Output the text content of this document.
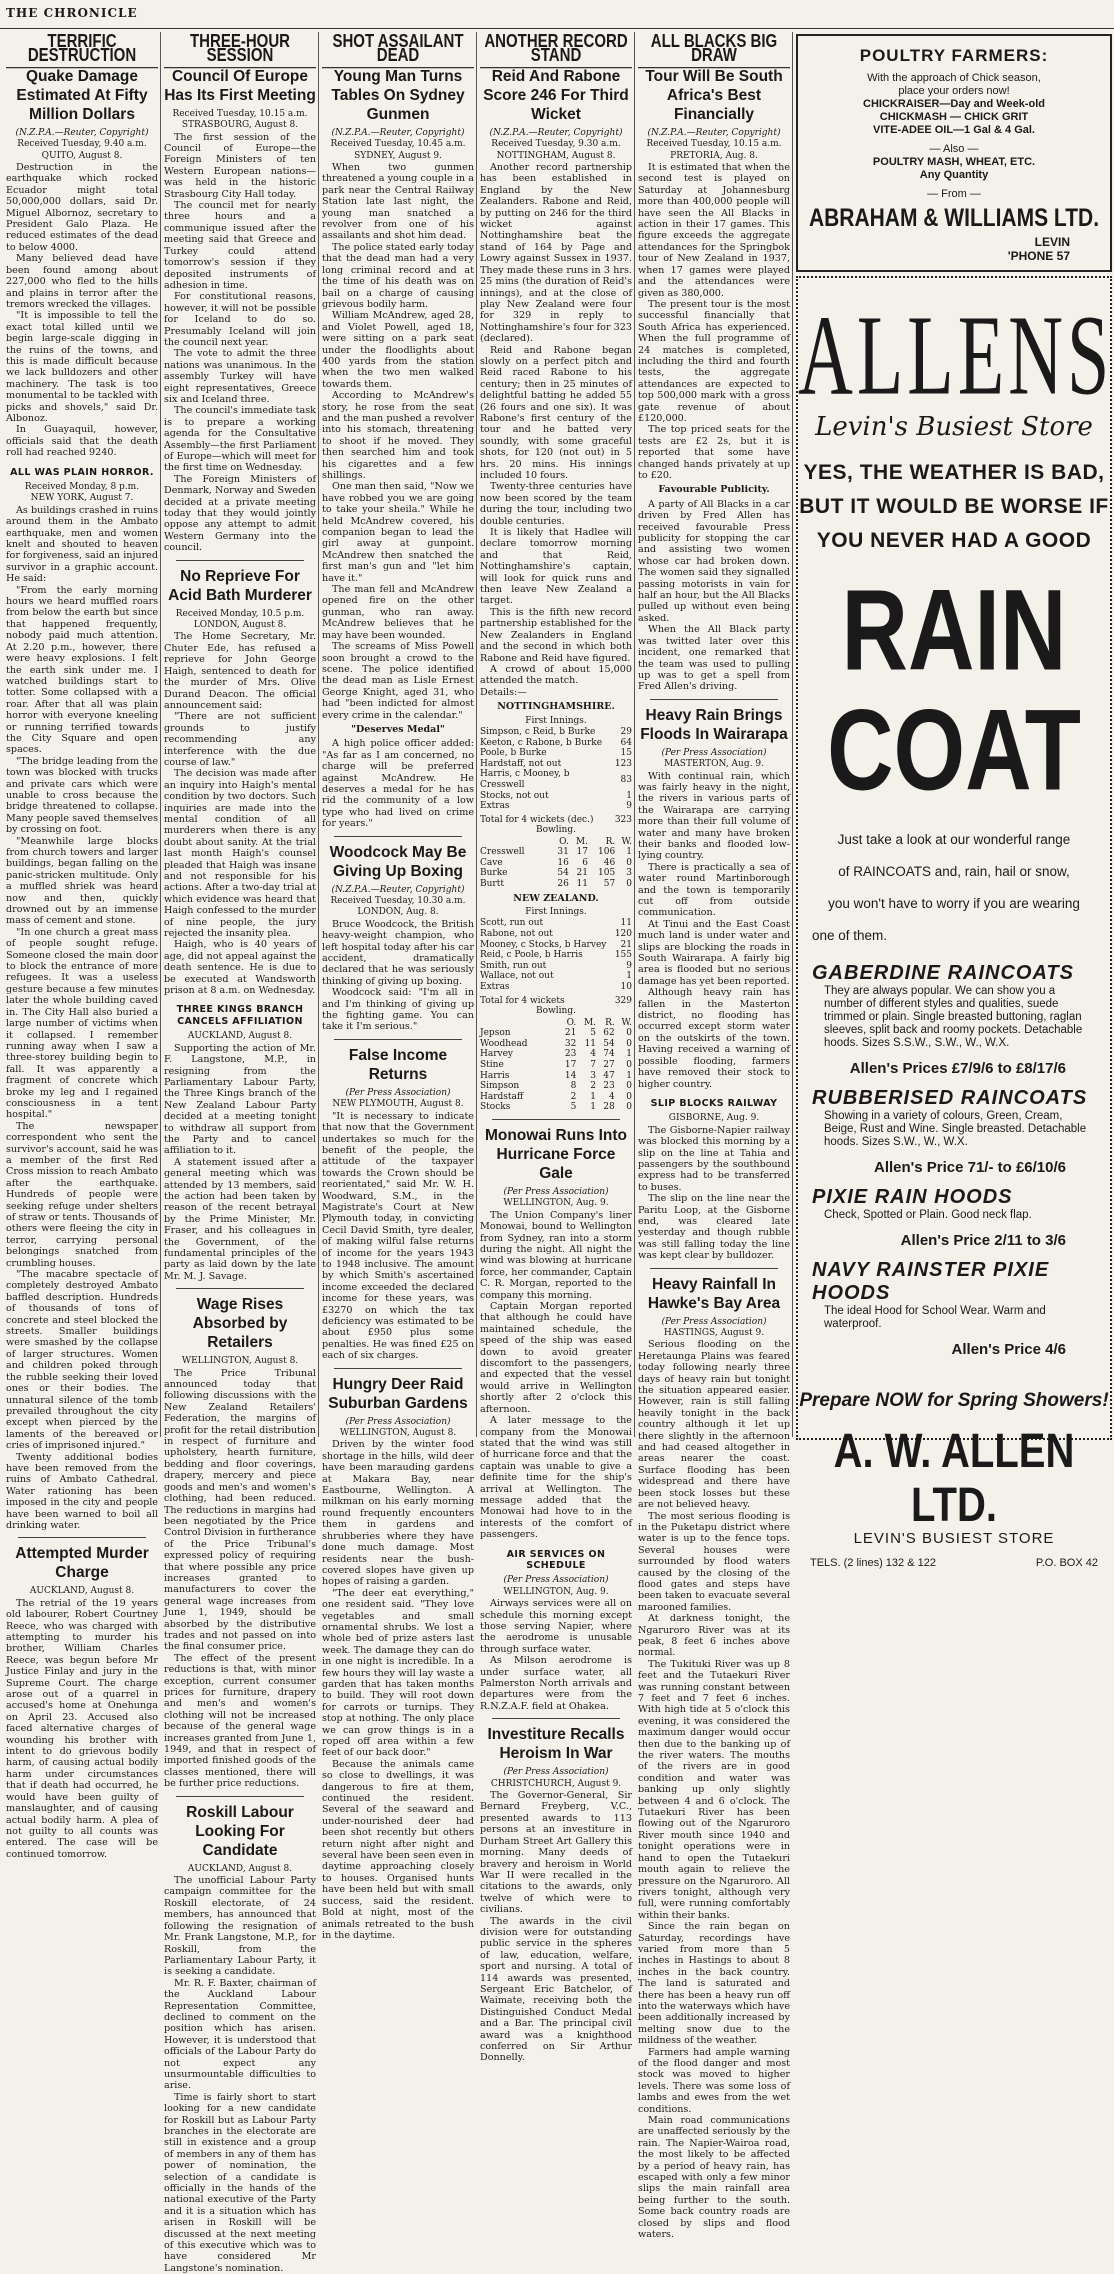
THE CHRONICLE
TERRIFIC DESTRUCTION
Quake Damage Estimated At Fifty Million Dollars
(N.Z.P.A.—Reuter, Copyright)
Received Tuesday, 9.40 a.m.
QUITO, August 8.

Destruction in the earthquake which rocked Ecuador might total 50,000,000 dollars, said Dr. Miguel Albornoz, secretary to President Galo Plaza. He reduced estimates of the dead to below 4000.

Many believed dead have been found among about 227,000 who fled to the hills and plains in terror after the tremors wrecked the villages.

"It is impossible to tell the exact total killed until we begin large-scale digging in the ruins of the towns, and this is made difficult because we lack bulldozers and other machinery. The task is too monumental to be tackled with picks and shovels," said Dr. Albonoz.

In Guayaquil, however, officials said that the death roll had reached 9240.

ALL WAS PLAIN HORROR.
Received Monday, 8 p.m.
NEW YORK, August 7.

As buildings crashed in ruins around them in the Ambato earthquake, men and women knelt and shouted to heaven for forgiveness, said an injured survivor in a graphic account. He said:

"From the early morning hours we heard muffled roars from below the earth but since that happened frequently, nobody paid much attention. At 2.20 p.m., however, there were heavy explosions. I felt the earth sink under me. I watched buildings start to totter. Some collapsed with a roar. After that all was plain horror with everyone kneeling or running terrified towards the City Square and open spaces.

"The bridge leading from the town was blocked with trucks and private cars which were unable to cross because the bridge threatened to collapse. Many people saved themselves by crossing on foot.

"Meanwhile large blocks from church towers and larger buildings, began falling on the panic-stricken multitude. Only a muffled shriek was heard now and then, quickly drowned out by an immense mass of cement and stone.

"In one church a great mass of people sought refuge. Someone closed the main door to block the entrance of more refugees. It was a useless gesture because a few minutes later the whole building caved in. The City Hall also buried a large number of victims when it collapsed. I remember running away when I saw a three-storey building begin to fall. It was apparently a fragment of concrete which broke my leg and I regained consciousness in a tent hospital."

The newspaper correspondent who sent the survivor's account, said he was a member of the first Red Cross mission to reach Ambato after the earthquake. Hundreds of people were seeking refuge under shelters of straw or tents. Thousands of others were fleeing the city in terror, carrying personal belongings snatched from crumbling houses.

"The macabre spectacle of completely destroyed Ambato baffled description. Hundreds of thousands of tons of concrete and steel blocked the streets. Smaller buildings were smashed by the collapse of larger structures. Women and children poked through the rubble seeking their loved ones or their bodies. The unnatural silence of the tomb prevailed throughout the city except when pierced by the laments of the bereaved or cries of imprisoned injured."

Twenty additional bodies have been removed from the ruins of Ambato Cathedral. Water rationing has been imposed in the city and people have been warned to boil all drinking water.

Attempted Murder Charge
AUCKLAND, August 8.

The retrial of the 19 years old labourer, Robert Courtney Reece, who was charged with attempting to murder his brother, William Charles Reece, was begun before Mr Justice Finlay and jury in the Supreme Court. The charge arose out of a quarrel in accused's home at Onehunga on April 23. Accused also faced alternative charges of wounding his brother with intent to do grievous bodily harm, of causing actual bodily harm under circumstances that if death had occurred, he would have been guilty of manslaughter, and of causing actual bodily harm. A plea of not guilty to all counts was entered. The case will be continued tomorrow.

THREE-HOUR SESSION
Council Of Europe Has Its First Meeting
Received Tuesday, 10.15 a.m.
STRASBOURG, August 8.

The first session of the Council of Europe—the Foreign Ministers of ten Western European nations—was held in the historic Strasbourg City Hall today.

The council met for nearly three hours and a communique issued after the meeting said that Greece and Turkey could attend tomorrow's session if they deposited instruments of adhesion in time.

For constitutional reasons, however, it will not be possible for Iceland to do so. Presumably Iceland will join the council next year.

The vote to admit the three nations was unanimous. In the assembly Turkey will have eight representatives, Greece six and Iceland three.

The council's immediate task is to prepare a working agenda for the Consultative Assembly—the first Parliament of Europe—which will meet for the first time on Wednesday.

The Foreign Ministers of Denmark, Norway and Sweden decided at a private meeting today that they would jointly oppose any attempt to admit Western Germany into the council.

No Reprieve For Acid Bath Murderer
Received Monday, 10.5 p.m.
LONDON, August 8.

The Home Secretary, Mr. Chuter Ede, has refused a reprieve for John George Haigh, sentenced to death for the murder of Mrs. Olive Durand Deacon. The official announcement said:

"There are not sufficient grounds to justify recommending any interference with the due course of law."

The decision was made after an inquiry into Haigh's mental condition by two doctors. Such inquiries are made into the mental condition of all murderers when there is any doubt about sanity. At the trial last month Haigh's counsel pleaded that Haigh was insane and not responsible for his actions. After a two-day trial at which evidence was heard that Haigh confessed to the murder of nine people, the jury rejected the insanity plea.

Haigh, who is 40 years of age, did not appeal against the death sentence. He is due to be executed at Wandsworth prison at 8 a.m. on Wednesday.

THREE KINGS BRANCH CANCELS AFFILIATION
AUCKLAND, August 8.

Supporting the action of Mr. F. Langstone, M.P., in resigning from the Parliamentary Labour Party, the Three Kings branch of the New Zealand Labour Party decided at a meeting tonight to withdraw all support from the Party and to cancel affiliation to it.

A statement issued after a general meeting which was attended by 13 members, said the action had been taken by reason of the recent betrayal by the Prime Minister, Mr. Fraser, and his colleagues in the Government, of the fundamental principles of the party as laid down by the late Mr. M. J. Savage.

Wage Rises Absorbed by Retailers
WELLINGTON, August 8.

The Price Tribunal announced today that following discussions with the New Zealand Retailers' Federation, the margins of profit for the retail distribution in respect of furniture and upholstery, hearth furniture, bedding and floor coverings, drapery, mercery and piece goods and men's and women's clothing, had been reduced. The reductions in margins had been negotiated by the Price Control Division in furtherance of the Price Tribunal's expressed policy of requiring that where possible any price increases granted to manufacturers to cover the general wage increases from June 1, 1949, should be absorbed by the distributive trades and not passed on into the final consumer price.

The effect of the present reductions is that, with minor exception, current consumer prices for furniture, drapery and men's and women's clothing will not be increased because of the general wage increases granted from June 1, 1949, and that in respect of imported finished goods of the classes mentioned, there will be further price reductions.

Roskill Labour Looking For Candidate
AUCKLAND, August 8.

The unofficial Labour Party campaign committee for the Roskill electorate, of 24 members, has announced that following the resignation of Mr. Frank Langstone, M.P., for Roskill, from the Parliamentary Labour Party, it is seeking a candidate.

Mr. R. F. Baxter, chairman of the Auckland Labour Representation Committee, declined to comment on the position which has arisen. However, it is understood that officials of the Labour Party do not expect any unsurmountable difficulties to arise.

Time is fairly short to start looking for a new candidate for Roskill but as Labour Party branches in the electorate are still in existence and a group of members in any of them has power of nomination, the selection of a candidate is officially in the hands of the national executive of the Party and it is a situation which has arisen in Roskill will be discussed at the next meeting of this executive which was to have considered Mr Langstone's nomination.

SHOT ASSAILANT DEAD
Young Man Turns Tables On Sydney Gunmen
(N.Z.P.A.—Reuter, Copyright)
Received Tuesday, 10.45 a.m.
SYDNEY, August 9.

When two gunmen threatened a young couple in a park near the Central Railway Station late last night, the young man snatched a revolver from one of his assailants and shot him dead.

The police stated early today that the dead man had a very long criminal record and at the time of his death was on bail on a charge of causing grievous bodily harm.

William McAndrew, aged 28, and Violet Powell, aged 18, were sitting on a park seat under the floodlights about 400 yards from the station when the two men walked towards them.

According to McAndrew's story, he rose from the seat and the man pushed a revolver into his stomach, threatening to shoot if he moved. They then searched him and took his cigarettes and a few shillings.

One man then said, "Now we have robbed you we are going to take your sheila." While he held McAndrew covered, his companion began to lead the girl away at gunpoint. McAndrew then snatched the first man's gun and "let him have it."

The man fell and McAndrew opened fire on the other gunman, who ran away. McAndrew believes that he may have been wounded.

The screams of Miss Powell soon brought a crowd to the scene. The police identified the dead man as Lisle Ernest George Knight, aged 31, who had "been indicted for almost every crime in the calendar."

"Deserves Medal"

A high police officer added: "As far as I am concerned, no charge will be preferred against McAndrew. He deserves a medal for he has rid the community of a low type who had lived on crime for years."

Woodcock May Be Giving Up Boxing
(N.Z.P.A.—Reuter, Copyright)
Received Tuesday, 10.30 a.m.
LONDON, Aug. 8.

Bruce Woodcock, the British heavy-weight champion, who left hospital today after his car accident, dramatically declared that he was seriously thinking of giving up boxing.

Woodcock said: "I'm all in and I'm thinking of giving up the fighting game. You can take it I'm serious."

False Income Returns
(Per Press Association)
NEW PLYMOUTH, August 8.

"It is necessary to indicate that now that the Government undertakes so much for the benefit of the people, the attitude of the taxpayer towards the Crown should be reorientated," said Mr. W. H. Woodward, S.M., in the Magistrate's Court at New Plymouth today, in convicting Cecil David Smith, tyre dealer, of making wilful false returns of income for the years 1943 to 1948 inclusive. The amount by which Smith's ascertained income exceeded the declared income for these years, was £3270 on which the tax deficiency was estimated to be about £950 plus some penalties. He was fined £25 on each of six charges.

Hungry Deer Raid Suburban Gardens
(Per Press Association)
WELLINGTON, August 8.

Driven by the winter food shortage in the hills, wild deer have been marauding gardens at Makara Bay, near Eastbourne, Wellington. A milkman on his early morning round frequently encounters them in gardens and shrubberies where they have done much damage. Most residents near the bush-covered slopes have given up hopes of raising a garden.

"The deer eat everything," one resident said. "They love vegetables and small ornamental shrubs. We lost a whole bed of prize asters last week. The damage they can do in one night is incredible. In a few hours they will lay waste a garden that has taken months to build. They will root down for carrots or turnips. They stop at nothing. The only place we can grow things is in a roped off area within a few feet of our back door."

Because the animals came so close to dwellings, it was dangerous to fire at them, continued the resident. Several of the seaward and under-nourished deer had been shot recently but others return night after night and several have been seen even in daytime approaching closely to houses. Organised hunts have been held but with small success, said the resident. Bold at night, most of the animals retreated to the bush in the daytime.

ANOTHER RECORD STAND
Reid And Rabone Score 246 For Third Wicket
(N.Z.P.A.—Reuter, Copyright)
Received Tuesday, 9.30 a.m.
NOTTINGHAM, August 8.

Another record partnership has been established in England by the New Zealanders. Rabone and Reid, by putting on 246 for the third wicket against Nottinghamshire beat the stand of 164 by Page and Lowry against Sussex in 1937. They made these runs in 3 hrs. 25 mins (the duration of Reid's innings), and at the close of play New Zealand were four for 329 in reply to Nottinghamshire's four for 323 (declared).

Reid and Rabone began slowly on a perfect pitch and Reid raced Rabone to his century; then in 25 minutes of delightful batting he added 55 (26 fours and one six). It was Rabone's first century of the tour and he batted very soundly, with some graceful shots, for 120 (not out) in 5 hrs. 20 mins. His innings included 10 fours.

Twenty-three centuries have now been scored by the team during the tour, including two double centuries.

It is likely that Hadlee will declare tomorrow morning and that Reid, Nottinghamshire's captain, will look for quick runs and then leave New Zealand a target.

This is the fifth new record partnership established for the New Zealanders in England and the second in which both Rabone and Reid have figured.

A crowd of about 15,000 attended the match.

Details:—
NOTTINGHAMSHIRE.
First Innings.
Simpson, c Reid, b Burke	29
Keeton, c Rabone, b Burke	64
Poole, b Burke	15
Hardstaff, not out	123
Harris, c Mooney, b Cresswell	83
Stocks, not out	1
Extras	9
Total for 4 wickets (dec.)	323
Bowling.
	O.	M.	R.	W.
Cresswell	31	17	106	1
Cave	16	6	46	0
Burke	54	21	105	3
Burtt	26	11	57	0
NEW ZEALAND.
First Innings.
Scott, run out	11
Rabone, not out	120
Mooney, c Stocks, b Harvey	21
Reid, c Poole, b Harris	155
Smith, run out	9
Wallace, not out	1
Extras	10
Total for 4 wickets	329
Bowling.
	O.	M.	R.	W.
Jepson	21	5	62	0
Woodhead	32	11	54	0
Harvey	23	4	74	1
Stine	17	7	27	0
Harris	14	3	47	1
Simpson	8	2	23	0
Hardstaff	2	1	4	0
Stocks	5	1	28	0
Monowai Runs Into Hurricane Force Gale
(Per Press Association)
WELLINGTON, Aug. 9.

The Union Company's liner Monowai, bound to Wellington from Sydney, ran into a storm during the night. All night the wind was blowing at hurricane force, her commander, Captain C. R. Morgan, reported to the company this morning.

Captain Morgan reported that although he could have maintained schedule, the speed of the ship was eased down to avoid greater discomfort to the passengers, and expected that the vessel would arrive in Wellington shortly after 2 o'clock this afternoon.

A later message to the company from the Monowai stated that the wind was still of hurricane force and that the captain was unable to give a definite time for the ship's arrival at Wellington. The message added that the Monowai had hove to in the interests of the comfort of passengers.

AIR SERVICES ON SCHEDULE
(Per Press Association)
WELLINGTON, Aug. 9.

Airways services were all on schedule this morning except those serving Napier, where the aerodrome is unusable through surface water.

As Milson aerodrome is under surface water, all Palmerston North arrivals and departures were from the R.N.Z.A.F. field at Ohakea.

Investiture Recalls Heroism In War
(Per Press Association)
CHRISTCHURCH, August 9.

The Governor-General, Sir Bernard Freyberg, V.C., presented awards to 113 persons at an investiture in Durham Street Art Gallery this morning. Many deeds of bravery and heroism in World War II were recalled in the citations to the awards, only twelve of which were to civilians.

The awards in the civil division were for outstanding public service in the spheres of law, education, welfare, sport and nursing. A total of 114 awards was presented, Sergeant Eric Batchelor, of Waimate, receiving both the Distinguished Conduct Medal and a Bar. The principal civil award was a knighthood conferred on Sir Arthur Donnelly.

ALL BLACKS BIG DRAW
Tour Will Be South Africa's Best Financially
(N.Z.P.A.—Reuter, Copyright)
Received Tuesday, 10.15 a.m.
PRETORIA, Aug. 8.

It is estimated that when the second test is played on Saturday at Johannesburg more than 400,000 people will have seen the All Blacks in action in their 17 games. This figure exceeds the aggregate attendances for the Springbok tour of New Zealand in 1937, when 17 games were played and the attendances were given as 380,000.

The present tour is the most successful financially that South Africa has experienced. When the full programme of 24 matches is completed, including the third and fourth tests, the aggregate attendances are expected to top 500,000 mark with a gross gate revenue of about £120,000.

The top priced seats for the tests are £2 2s, but it is reported that some have changed hands privately at up to £20.

Favourable Publicity.

A party of All Blacks in a car driven by Fred Allen has received favourable Press publicity for stopping the car and assisting two women whose car had broken down. The women said they signalled passing motorists in vain for half an hour, but the All Blacks pulled up without even being asked.

When the All Black party was twitted later over this incident, one remarked that the team was used to pulling up was to get a spell from Fred Allen's driving.

Heavy Rain Brings Floods In Wairarapa
(Per Press Association)
MASTERTON, Aug. 9.

With continual rain, which was fairly heavy in the night, the rivers in various parts of the Wairarapa are carrying more than their full volume of water and many have broken their banks and flooded low-lying country.

There is practically a sea of water round Martinborough and the town is temporarily cut off from outside communication.

At Tinui and the East Coast much land is under water and slips are blocking the roads in South Wairarapa. A fairly big area is flooded but no serious damage has yet been reported.

Although heavy rain has fallen in the Masterton district, no flooding has occurred except storm water on the outskirts of the town. Having received a warning of possible flooding, farmers have removed their stock to higher country.

SLIP BLOCKS RAILWAY
GISBORNE, Aug. 9.

The Gisborne-Napier railway was blocked this morning by a slip on the line at Tahia and passengers by the southbound express had to be transferred to buses.

The slip on the line near the Paritu Loop, at the Gisborne end, was cleared late yesterday and though rubble was still falling today the line was kept clear by bulldozer.

Heavy Rainfall In Hawke's Bay Area
(Per Press Association)
HASTINGS, August 9.

Serious flooding on the Heretaunga Plains was feared today following nearly three days of heavy rain but tonight the situation appeared easier. However, rain is still falling heavily tonight in the back country although it let up there slightly in the afternoon and had ceased altogether in areas nearer the coast. Surface flooding has been widespread and there have been stock losses but these are not believed heavy.

The most serious flooding is in the Puketapu district where water is up to the fence tops. Several houses were surrounded by flood waters caused by the closing of the flood gates and steps have been taken to evacuate several marooned families.

At darkness tonight, the Ngaruroro River was at its peak, 8 feet 6 inches above normal.

The Tukituki River was up 8 feet and the Tutaekuri River was running constant between 7 feet and 7 feet 6 inches. With high tide at 5 o'clock this evening, it was considered the maximum danger would occur then due to the banking up of the river waters. The mouths of the rivers are in good condition and water was banking up only slightly between 4 and 6 o'clock. The Tutaekuri River has been flowing out of the Ngaruroro River mouth since 1940 and tonight operations were in hand to open the Tutaekuri mouth again to relieve the pressure on the Ngaruroro. All rivers tonight, although very full, were running comfortably within their banks.

Since the rain began on Saturday, recordings have varied from more than 5 inches in Hastings to about 8 inches in the back country. The land is saturated and there has been a heavy run off into the waterways which have been additionally increased by melting snow due to the mildness of the weather.

Farmers had ample warning of the flood danger and most stock was moved to higher levels. There was some loss of lambs and ewes from the wet conditions.

Main road communications are unaffected seriously by the rain. The Napier-Wairoa road, the most likely to be affected by a period of heavy rain, has escaped with only a few minor slips the main rainfall area being further to the south. Some back country roads are closed by slips and flood waters.

POULTRY FARMERS:
With the approach of Chick season,
place your orders now!
CHICKRAISER—Day and Week-old
CHICKMASH — CHICK GRIT
VITE-ADEE OIL—1 Gal & 4 Gal.
— Also —
POULTRY MASH, WHEAT, ETC.
Any Quantity
— From —
ABRAHAM & WILLIAMS LTD.
LEVIN
'PHONE 57
ALLENS
Levin's Busiest Store
YES, THE WEATHER IS BAD,
BUT IT WOULD BE WORSE IF
YOU NEVER HAD A GOOD
RAIN
COAT
Just take a look at our wonderful range
of RAINCOATS and, rain, hail or snow,
you won't have to worry if you are wearing
one of them.
GABERDINE RAINCOATS
They are always popular. We can show you a number of different styles and qualities, suede trimmed or plain. Single breasted buttoning, raglan sleeves, split back and roomy pockets. Detachable hoods. Sizes S.S.W., S.W., W., W.X.
Allen's Prices £7/9/6 to £8/17/6
RUBBERISED RAINCOATS
Showing in a variety of colours, Green, Cream, Beige, Rust and Wine. Single breasted. Detachable hoods. Sizes S.W., W., W.X.
Allen's Price 71/- to £6/10/6
PIXIE RAIN HOODS
Check, Spotted or Plain. Good neck flap.
Allen's Price 2/11 to 3/6
NAVY RAINSTER PIXIE HOODS
The ideal Hood for School Wear. Warm and waterproof.
Allen's Price 4/6
Prepare NOW for Spring Showers!
A. W. ALLEN LTD.
LEVIN'S BUSIEST STORE
TELS. (2 lines) 132 & 122	P.O. BOX 42
